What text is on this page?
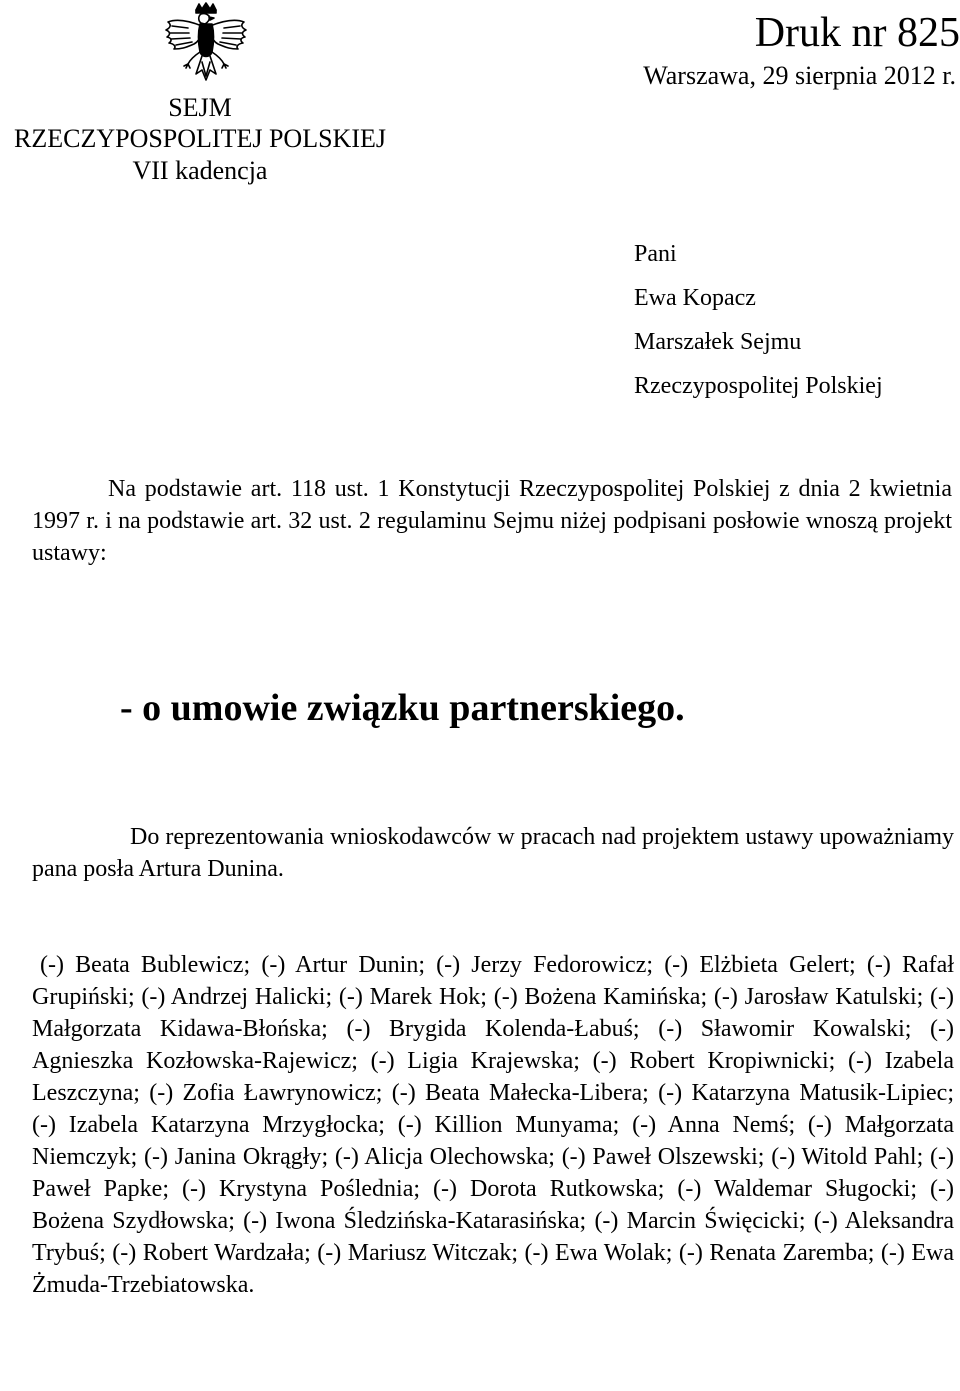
SEJM
RZECZYPOSPOLITEJ POLSKIEJ
VII kadencja
Druk nr 825
Warszawa, 29 sierpnia 2012 r.
Pani
Ewa Kopacz
Marszałek Sejmu
Rzeczypospolitej Polskiej

Na podstawie art. 118 ust. 1 Konstytucji Rzeczypospolitej Polskiej z dnia 2 kwietnia 1997 r. i na podstawie art. 32 ust. 2 regulaminu Sejmu niżej podpisani posłowie wnoszą projekt ustawy:

- o umowie związku partnerskiego.

Do reprezentowania wnioskodawców w pracach nad projektem ustawy upoważniamy pana posła Artura Dunina.

(-) Beata Bublewicz; (-) Artur Dunin; (-) Jerzy Fedorowicz; (-) Elżbieta Gelert; (-) Rafał Grupiński; (-) Andrzej Halicki; (-) Marek Hok; (-) Bożena Kamińska; (-) Jarosław Katulski; (-) Małgorzata Kidawa-Błońska; (-) Brygida Kolenda-Łabuś; (-) Sławomir Kowalski; (-) Agnieszka Kozłowska-Rajewicz; (-) Ligia Krajewska; (-) Robert Kropiwnicki; (-) Izabela Leszczyna; (-) Zofia Ławrynowicz; (-) Beata Małecka-Libera; (-) Katarzyna Matusik-Lipiec; (-) Izabela Katarzyna Mrzygłocka; (-) Killion Munyama; (-) Anna Nemś; (-) Małgorzata Niemczyk; (-) Janina Okrągły; (-) Alicja Olechowska; (-) Paweł Olszewski; (-) Witold Pahl; (-) Paweł Papke; (-) Krystyna Poślednia; (-) Dorota Rutkowska; (-) Waldemar Sługocki; (-) Bożena Szydłowska; (-) Iwona Śledzińska-Katarasińska; (-) Marcin Święcicki; (-) Aleksandra Trybuś; (-) Robert Wardzała; (-) Mariusz Witczak; (-) Ewa Wolak; (-) Renata Zaremba; (-) Ewa Żmuda-Trzebiatowska.
